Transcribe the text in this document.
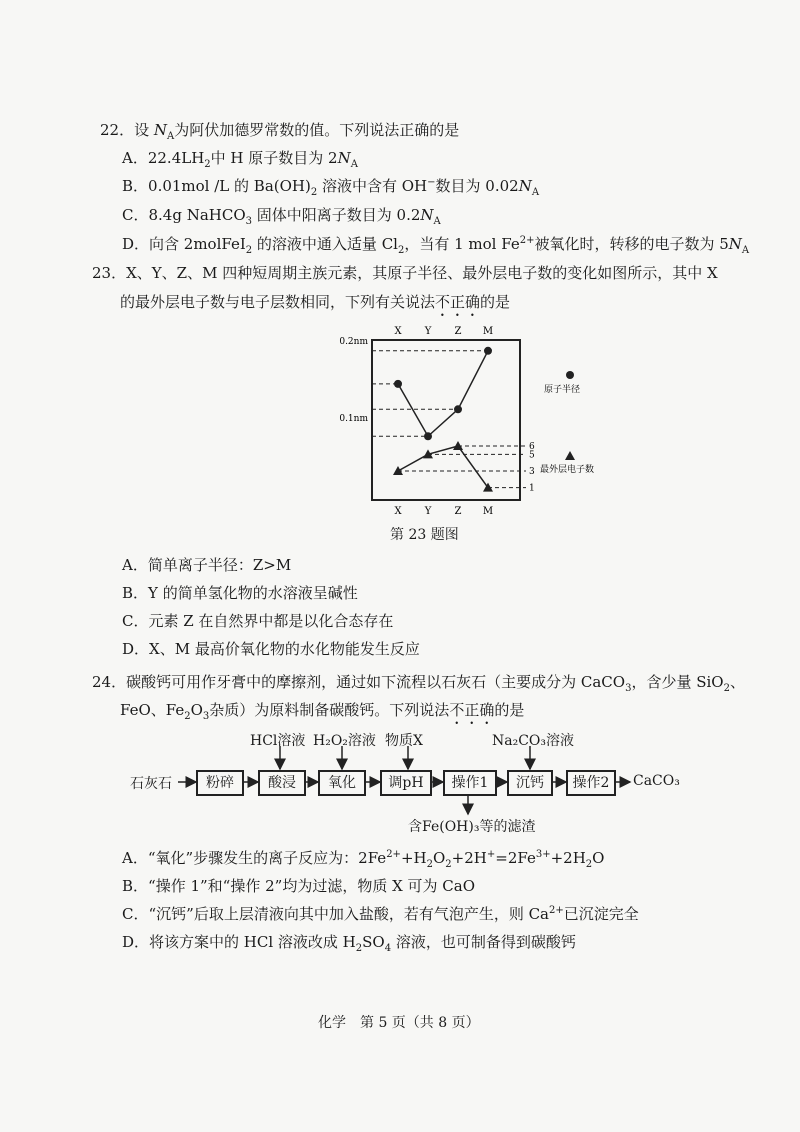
22．设 $N_A$为阿伏加德罗常数的值。下列说法正确的是
A．$22.4LH_2$中 H 原子数目为 $2N_A$
B．0.01mol /L 的 $Ba(OH)_2$ 溶液中含有 OH−数目为 $0.02N_A$
C．8.4g NaHCO$_3$ 固体中阳离子数目为 $0.2N_A$
D．向含 2molFeI$_2$ 的溶液中通入适量 $Cl_2$，当有 1 mol $Fe^{2+}$被氧化时，转移的电子数为 $5N_A$
23．X、Y、Z、M 四种短周期主族元素，其原子半径、最外层电子数的变化如图所示，其中 X
的最外层电子数与电子层数相同，下列有关说法不正确的是
X
X
Y
Y
Z
Z
M
M
0.2nm
0.1nm
6
5
3
1
原子半径
最外层电子数
第 23 题图
A．简单离子半径：Z>M
B．Y 的简单氢化物的水溶液呈碱性
C．元素 Z 在自然界中都是以化合态存在
D．X、M 最高价氧化物的水化物能发生反应
24．碳酸钙可用作牙膏中的摩擦剂，通过如下流程以石灰石（主要成分为 CaCO$_3$，含少量 SiO$_2$、
FeO、$Fe_2O_3$杂质）为原料制备碳酸钙。下列说法不正确的是
石灰石	粉碎	酸浸	氧化	调pH	操作1	沉钙	操作2	CaCO₃
HCl溶液 H₂O₂溶液 物质X	Na₂CO₃溶液
含Fe(OH)₃等的滤渣
A．“氧化”步骤发生的离子反应为：$2Fe^{2+}+H_2O_2+2H^+=2Fe^{3+}+2H_2O$
B．“操作 1”和“操作 2”均为过滤，物质 X 可为 CaO
C．“沉钙”后取上层清液向其中加入盐酸，若有气泡产生，则 $Ca^{2+}$已沉淀完全
D．将该方案中的 HCl 溶液改成 $H_2SO_4$ 溶液，也可制备得到碳酸钙
化学　第 5 页（共 8 页）
